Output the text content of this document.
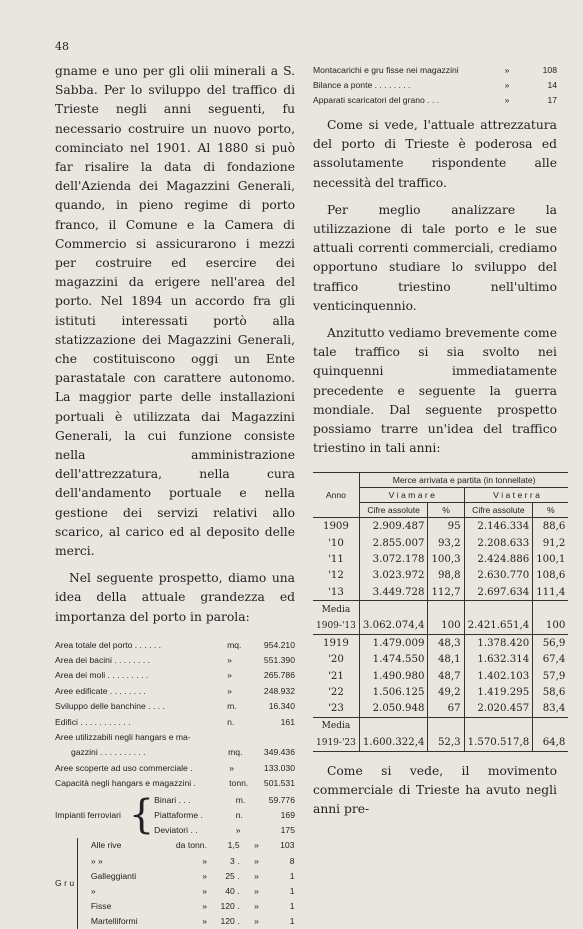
48

gname e uno per gli olii minerali a S. Sabba. Per lo sviluppo del traffico di Trieste negli anni seguenti, fu necessario costruire un nuovo porto, cominciato nel 1901. Al 1880 si può far risalire la data di fondazione dell'Azienda dei Magazzini Generali, quando, in pieno regime di porto franco, il Comune e la Camera di Commercio si assicurarono i mezzi per costruire ed esercire dei magazzini da erigere nell'area del porto. Nel 1894 un accordo fra gli istituti interessati portò alla statizzazione dei Magazzini Generali, che costituiscono oggi un Ente parastatale con carattere autonomo. La maggior parte delle installazioni portuali è utilizzata dai Magazzini Generali, la cui funzione consiste nella amministrazione dell'attrezzatura, nella cura dell'andamento portuale e nella gestione dei servizi relativi allo scarico, al carico ed al deposito delle merci.

Nel seguente prospetto, diamo una idea della attuale grandezza ed importanza del porto in parola:

Area totale del porto . . . . . .	mq.	954.210
Area dei bacini . . . . . . . .	»	551.390
Area dei moli . . . . . . . . .	»	265.786
Aree edificate . . . . . . . .	»	248.932
Sviluppo delle banchine . . . .	m.	16.340
Edifici . . . . . . . . . . .	n.	161
Aree utilizzabili negli hangars e ma-
gazzini . . . . . . . . . .	mq.	349.436
Aree scoperte ad uso commerciale .	»	133.030
Capacità negli hangars e magazzini .	tonn.	501.531
Impianti ferroviari	{	Binari . . .	m.	59.776
		Piattaforme .	n.	169
		Deviatori . .	»	175
G r u		Alle rive	da tonn.	1,5	»	103
		» »	»	3 .	»	8
		Galleggianti	»	25 .	»	1
		»	»	40 .	»	1
		Fisse	»	120 .	»	1
		Martelliformi	»	120 .	»	1
Montacarichi e gru fisse nei magazzini	»	108
Bilance a ponte . . . . . . . .	»	14
Apparati scaricatori del grano . . .	»	17

Come si vede, l'attuale attrezzatura del porto di Trieste è poderosa ed assolutamente rispondente alle necessità del traffico.

Per meglio analizzare la utilizzazione di tale porto e le sue attuali correnti commerciali, crediamo opportuno studiare lo sviluppo del traffico triestino nell'ultimo venticinquennio.

Anzitutto vediamo brevemente come tale traffico si sia svolto nei quinquenni immediatamente precedente e seguente la guerra mondiale. Dal seguente prospetto possiamo trarre un'idea del traffico triestino in tali anni:

Anno	Merce arrivata e partita (in tonnellate)			
	V i a m a r e		V i a t e r r a	
	Cifre assolute	%	Cifre assolute	%
1909	2.909.487	95	2.146.334	88,6
'10	2.855.007	93,2	2.208.633	91,2
'11	3.072.178	100,3	2.424.886	100,1
'12	3.023.972	98,8	2.630.770	108,6
'13	3.449.728	112,7	2.697.634	111,4
Media				
1909-'13	3.062.074,4	100	2.421.651,4	100
1919	1.479.009	48,3	1.378.420	56,9
'20	1.474.550	48,1	1.632.314	67,4
'21	1.490.980	48,7	1.402.103	57,9
'22	1.506.125	49,2	1.419.295	58,6
'23	2.050.948	67	2.020.457	83,4
Media				
1919-'23	1.600.322,4	52,3	1.570.517,8	64,8

Come si vede, il movimento commerciale di Trieste ha avuto negli anni pre-
